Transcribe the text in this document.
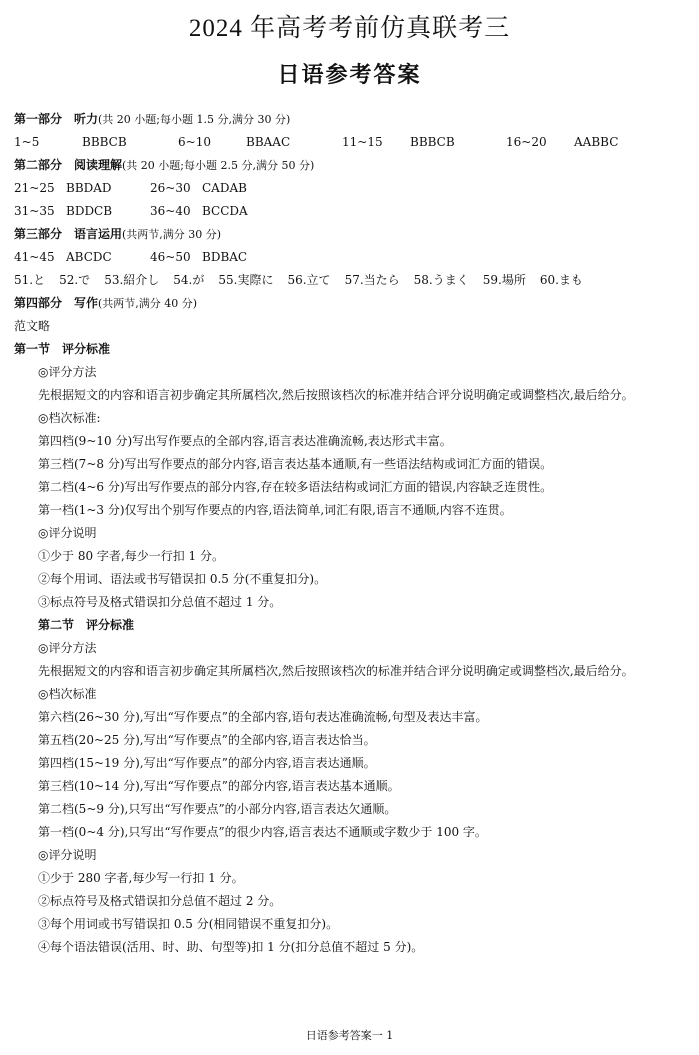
2024 年高考考前仿真联考三
日语参考答案
第一部分　听力(共 20 小题;每小题 1.5 分,满分 30 分)
1~5	BBBCB	6~10	BBAAC	11~15 BBBCB	16~20 AABBC
第二部分　阅读理解(共 20 小题;每小题 2.5 分,满分 50 分)
21~25 BBDAD	26~30 CADAB
31~35 BDDCB	36~40 BCCDA
第三部分　语言运用(共两节,满分 30 分)
41~45 ABCDC	46~50 BDBAC
51.と 52.で 53.紹介し 54.が 55.実際に 56.立て 57.当たら 58.うまく 59.場所 60.まも
第四部分　写作(共两节,满分 40 分)
范文略
第一节　评分标准
◎评分方法
先根据短文的内容和语言初步确定其所属档次,然后按照该档次的标准并结合评分说明确定或调整档次,最后给分。
◎档次标准:
第四档(9~10 分)写出写作要点的全部内容,语言表达准确流畅,表达形式丰富。
第三档(7~8 分)写出写作要点的部分内容,语言表达基本通顺,有一些语法结构或词汇方面的错误。
第二档(4~6 分)写出写作要点的部分内容,存在较多语法结构或词汇方面的错误,内容缺乏连贯性。
第一档(1~3 分)仅写出个别写作要点的内容,语法简单,词汇有限,语言不通顺,内容不连贯。
◎评分说明
①少于 80 字者,每少一行扣 1 分。
②每个用词、语法或书写错误扣 0.5 分(不重复扣分)。
③标点符号及格式错误扣分总值不超过 1 分。
第二节　评分标准
◎评分方法
先根据短文的内容和语言初步确定其所属档次,然后按照该档次的标准并结合评分说明确定或调整档次,最后给分。
◎档次标准
第六档(26~30 分),写出“写作要点”的全部内容,语句表达准确流畅,句型及表达丰富。
第五档(20~25 分),写出“写作要点”的全部内容,语言表达恰当。
第四档(15~19 分),写出“写作要点”的部分内容,语言表达通顺。
第三档(10~14 分),写出“写作要点”的部分内容,语言表达基本通顺。
第二档(5~9 分),只写出“写作要点”的小部分内容,语言表达欠通顺。
第一档(0~4 分),只写出“写作要点”的很少内容,语言表达不通顺或字数少于 100 字。
◎评分说明
①少于 280 字者,每少写一行扣 1 分。
②标点符号及格式错误扣分总值不超过 2 分。
③每个用词或书写错误扣 0.5 分(相同错误不重复扣分)。
④每个语法错误(活用、时、助、句型等)扣 1 分(扣分总值不超过 5 分)。
日语参考答案一 1
